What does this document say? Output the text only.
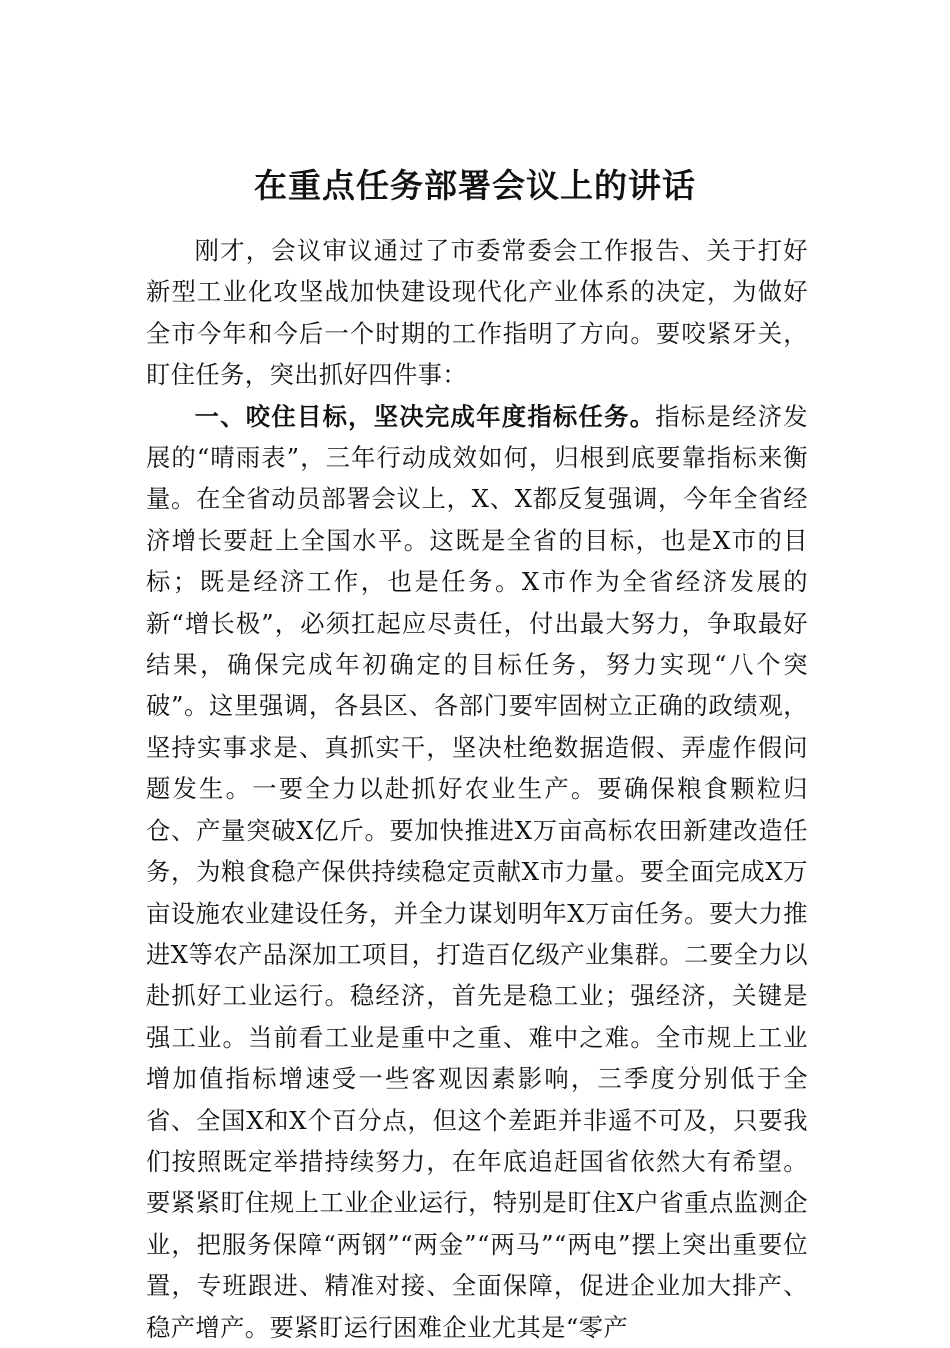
在重点任务部署会议上的讲话

刚才，会议审议通过了市委常委会工作报告、关于打好新型工业化攻坚战加快建设现代化产业体系的决定，为做好全市今年和今后一个时期的工作指明了方向。要咬紧牙关，盯住任务，突出抓好四件事：

一、咬住目标，坚决完成年度指标任务。指标是经济发展的“晴雨表”，三年行动成效如何，归根到底要靠指标来衡量。在全省动员部署会议上，X、X都反复强调，今年全省经济增长要赶上全国水平。这既是全省的目标，也是X市的目标；既是经济工作，也是任务。X市作为全省经济发展的新“增长极”，必须扛起应尽责任，付出最大努力，争取最好结果，确保完成年初确定的目标任务，努力实现“八个突破”。这里强调，各县区、各部门要牢固树立正确的政绩观，坚持实事求是、真抓实干，坚决杜绝数据造假、弄虚作假问题发生。一要全力以赴抓好农业生产。要确保粮食颗粒归仓、产量突破X亿斤。要加快推进X万亩高标农田新建改造任务，为粮食稳产保供持续稳定贡献X市力量。要全面完成X万亩设施农业建设任务，并全力谋划明年X万亩任务。要大力推进X等农产品深加工项目，打造百亿级产业集群。二要全力以赴抓好工业运行。稳经济，首先是稳工业；强经济，关键是强工业。当前看工业是重中之重、难中之难。全市规上工业增加值指标增速受一些客观因素影响，三季度分别低于全省、全国X和X个百分点，但这个差距并非遥不可及，只要我们按照既定举措持续努力，在年底追赶国省依然大有希望。要紧紧盯住规上工业企业运行，特别是盯住X户省重点监测企业，把服务保障“两钢”“两金”“两马”“两电”摆上突出重要位置，专班跟进、精准对接、全面保障，促进企业加大排产、稳产增产。要紧盯运行困难企业尤其是“零产
